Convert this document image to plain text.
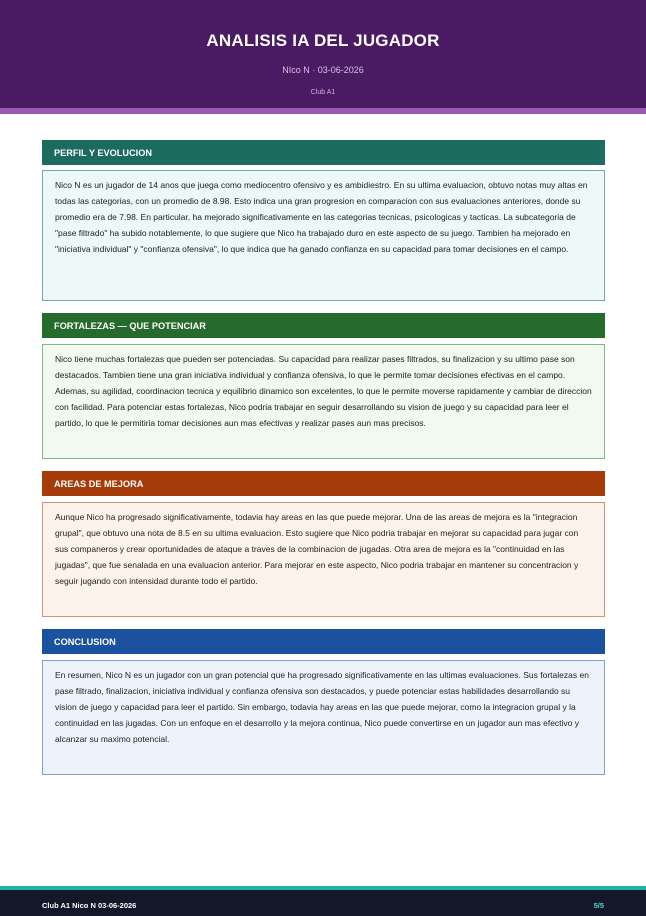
ANALISIS IA DEL JUGADOR
NIco N · 03-06-2026
Club A1
PERFIL Y EVOLUCION
Nico N es un jugador de 14 anos que juega como mediocentro ofensivo y es ambidiestro. En su ultima evaluacion, obtuvo notas muy altas en todas las categorias, con un promedio de 8.98. Esto indica una gran progresion en comparacion con sus evaluaciones anteriores, donde su promedio era de 7.98. En particular, ha mejorado significativamente en las categorias tecnicas, psicologicas y tacticas. La subcategoria de "pase filtrado" ha subido notablemente, lo que sugiere que Nico ha trabajado duro en este aspecto de su juego. Tambien ha mejorado en "iniciativa individual" y "confianza ofensiva", lo que indica que ha ganado confianza en su capacidad para tomar decisiones en el campo.
FORTALEZAS — QUE POTENCIAR
Nico tiene muchas fortalezas que pueden ser potenciadas. Su capacidad para realizar pases filtrados, su finalizacion y su ultimo pase son destacados. Tambien tiene una gran iniciativa individual y confianza ofensiva, lo que le permite tomar decisiones efectivas en el campo. Ademas, su agilidad, coordinacion tecnica y equilibrio dinamico son excelentes, lo que le permite moverse rapidamente y cambiar de direccion con facilidad. Para potenciar estas fortalezas, Nico podria trabajar en seguir desarrollando su vision de juego y su capacidad para leer el partido, lo que le permitiria tomar decisiones aun mas efectivas y realizar pases aun mas precisos.
AREAS DE MEJORA
Aunque Nico ha progresado significativamente, todavia hay areas en las que puede mejorar. Una de las areas de mejora es la "integracion grupal", que obtuvo una nota de 8.5 en su ultima evaluacion. Esto sugiere que Nico podria trabajar en mejorar su capacidad para jugar con sus companeros y crear oportunidades de ataque a traves de la combinacion de jugadas. Otra area de mejora es la "continuidad en las jugadas", que fue senalada en una evaluacion anterior. Para mejorar en este aspecto, Nico podria trabajar en mantener su concentracion y seguir jugando con intensidad durante todo el partido.
CONCLUSION
En resumen, Nico N es un jugador con un gran potencial que ha progresado significativamente en las ultimas evaluaciones. Sus fortalezas en pase filtrado, finalizacion, iniciativa individual y confianza ofensiva son destacados, y puede potenciar estas habilidades desarrollando su vision de juego y capacidad para leer el partido. Sin embargo, todavia hay areas en las que puede mejorar, como la integracion grupal y la continuidad en las jugadas. Con un enfoque en el desarrollo y la mejora continua, Nico puede convertirse en un jugador aun mas efectivo y alcanzar su maximo potencial.
Club A1 Nico N 03-06-2026	5/5
